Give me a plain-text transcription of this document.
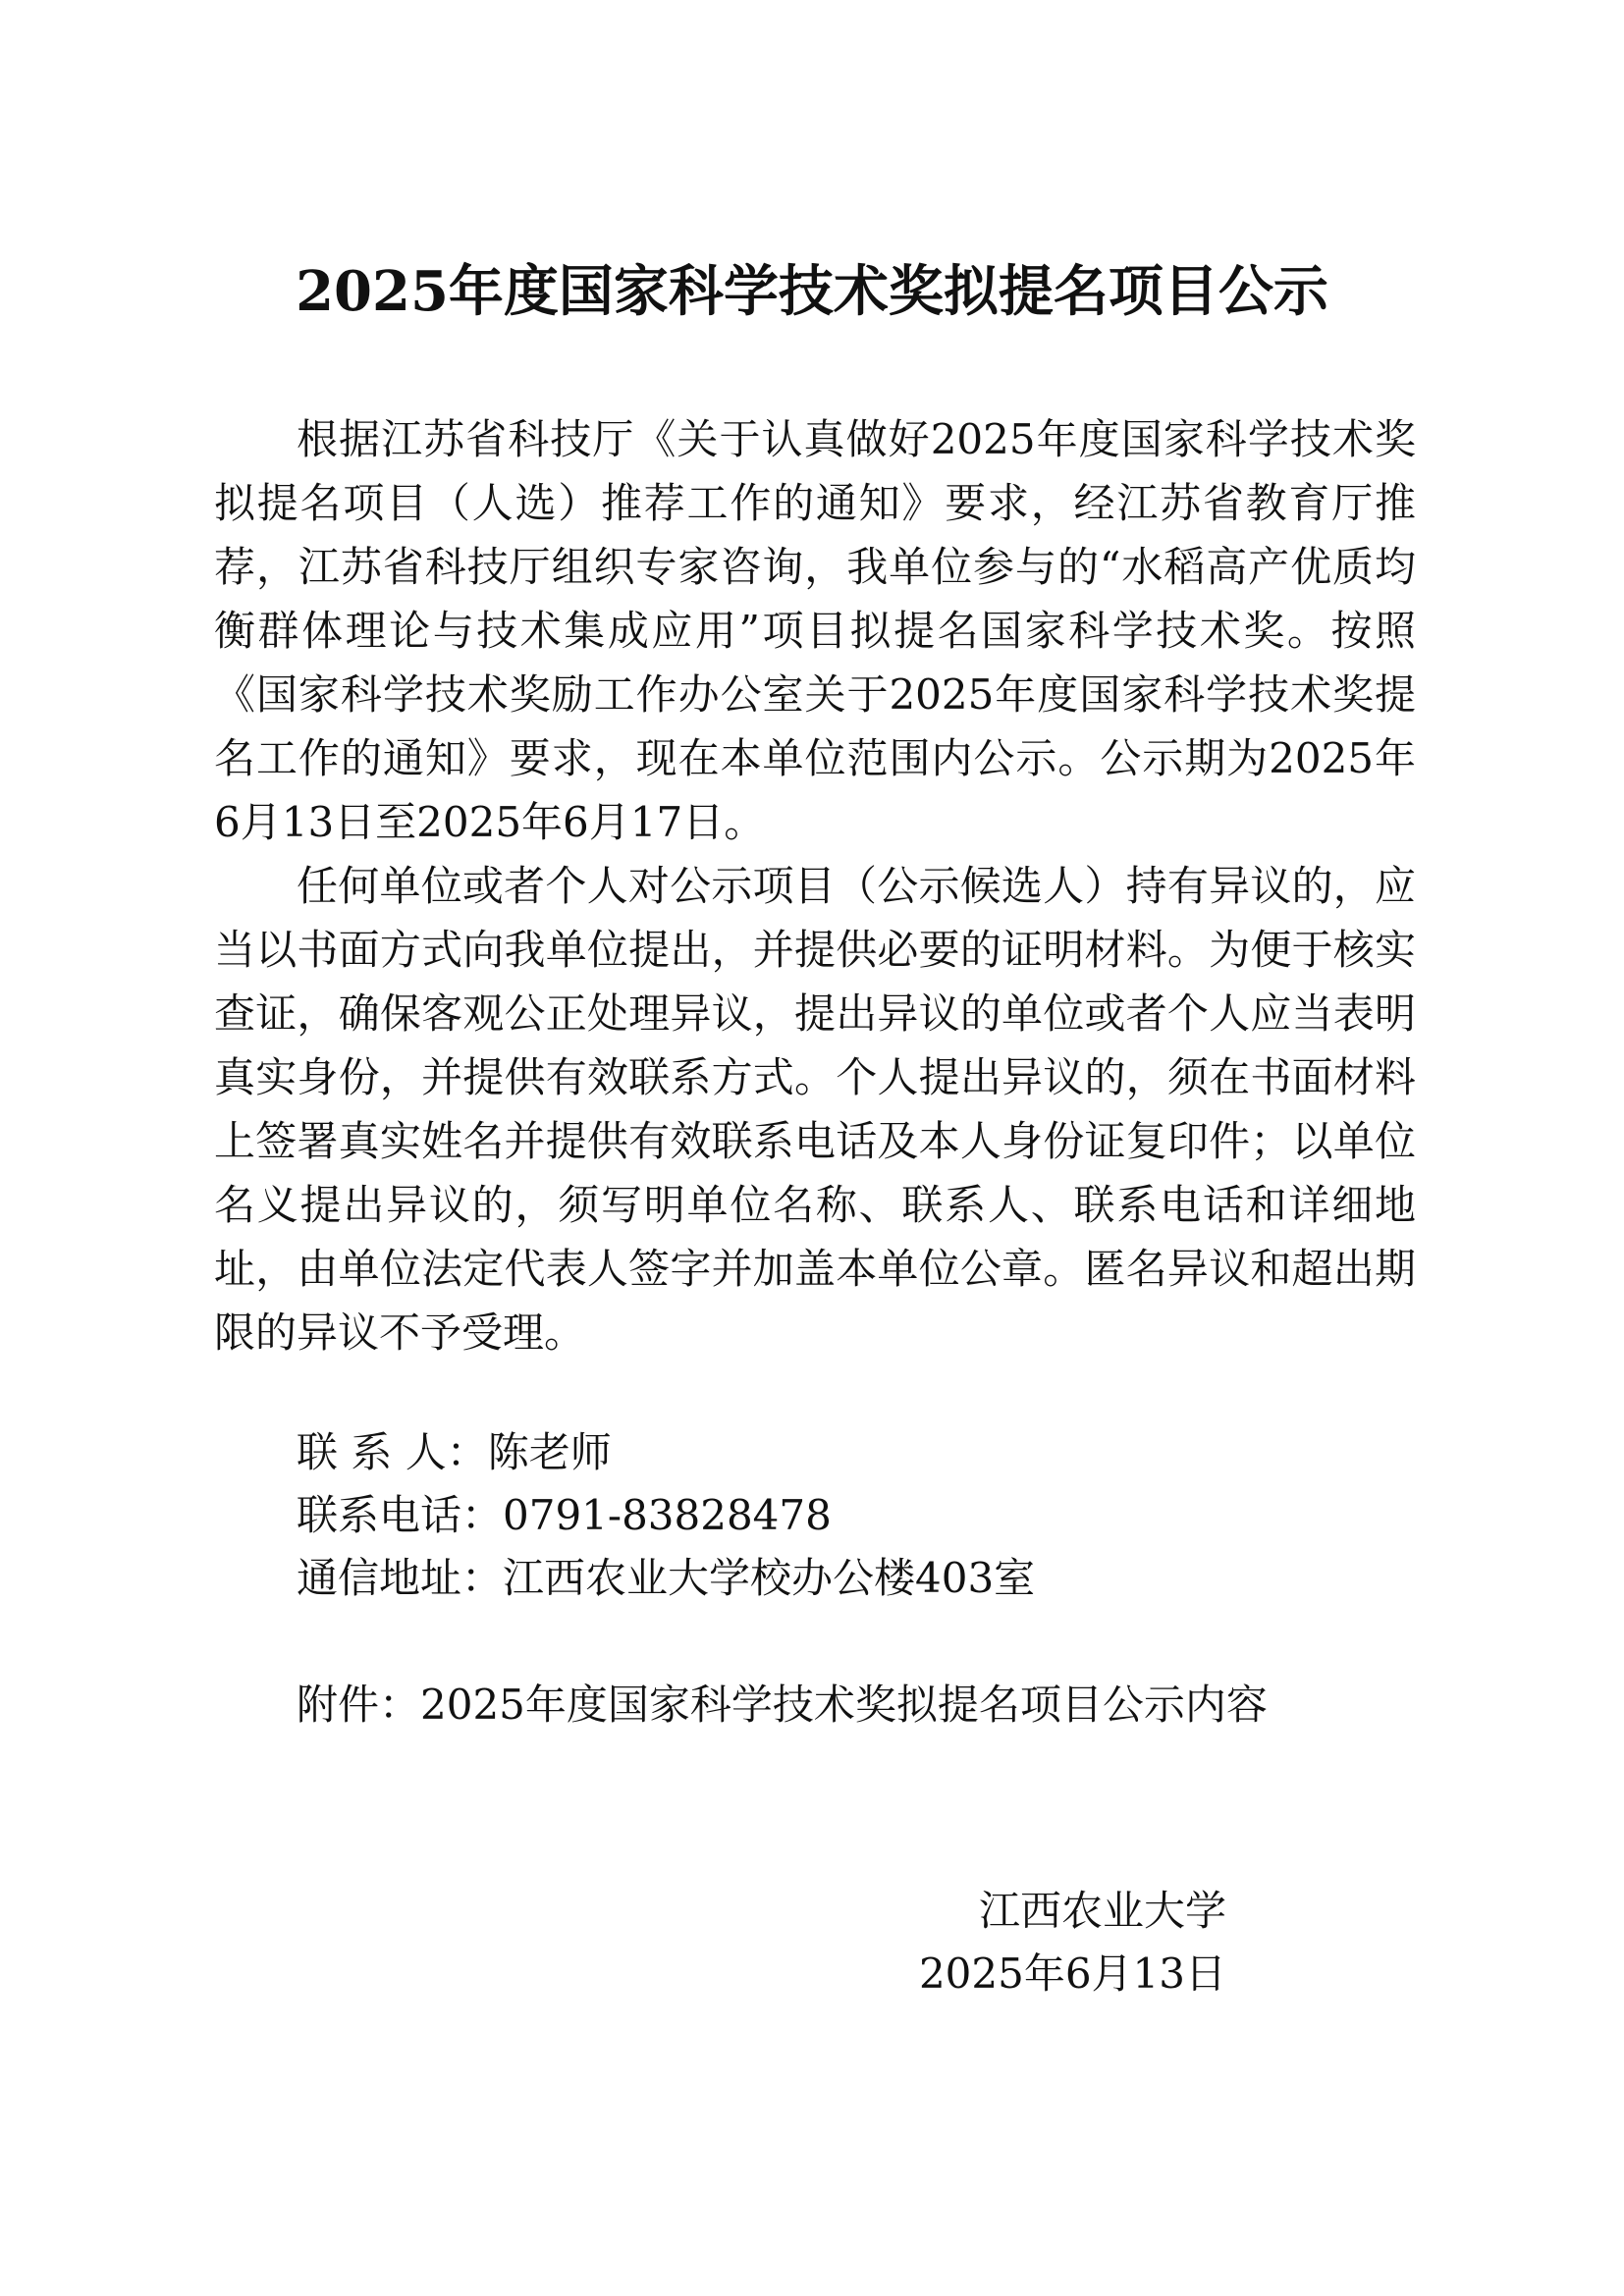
2025年度国家科学技术奖拟提名项目公示

根据江苏省科技厅《关于认真做好2025年度国家科学技术奖拟提名项目（人选）推荐工作的通知》要求，经江苏省教育厅推荐，江苏省科技厅组织专家咨询，我单位参与的“水稻高产优质均衡群体理论与技术集成应用”项目拟提名国家科学技术奖。按照《国家科学技术奖励工作办公室关于2025年度国家科学技术奖提名工作的通知》要求，现在本单位范围内公示。公示期为2025年6月13日至2025年6月17日。

任何单位或者个人对公示项目（公示候选人）持有异议的，应当以书面方式向我单位提出，并提供必要的证明材料。为便于核实查证，确保客观公正处理异议，提出异议的单位或者个人应当表明真实身份，并提供有效联系方式。个人提出异议的，须在书面材料上签署真实姓名并提供有效联系电话及本人身份证复印件；以单位名义提出异议的，须写明单位名称、联系人、联系电话和详细地址，由单位法定代表人签字并加盖本单位公章。匿名异议和超出期限的异议不予受理。

联 系 人：陈老师
联系电话：0791-83828478
通信地址：江西农业大学校办公楼403室
附件：2025年度国家科学技术奖拟提名项目公示内容
江西农业大学
2025年6月13日
